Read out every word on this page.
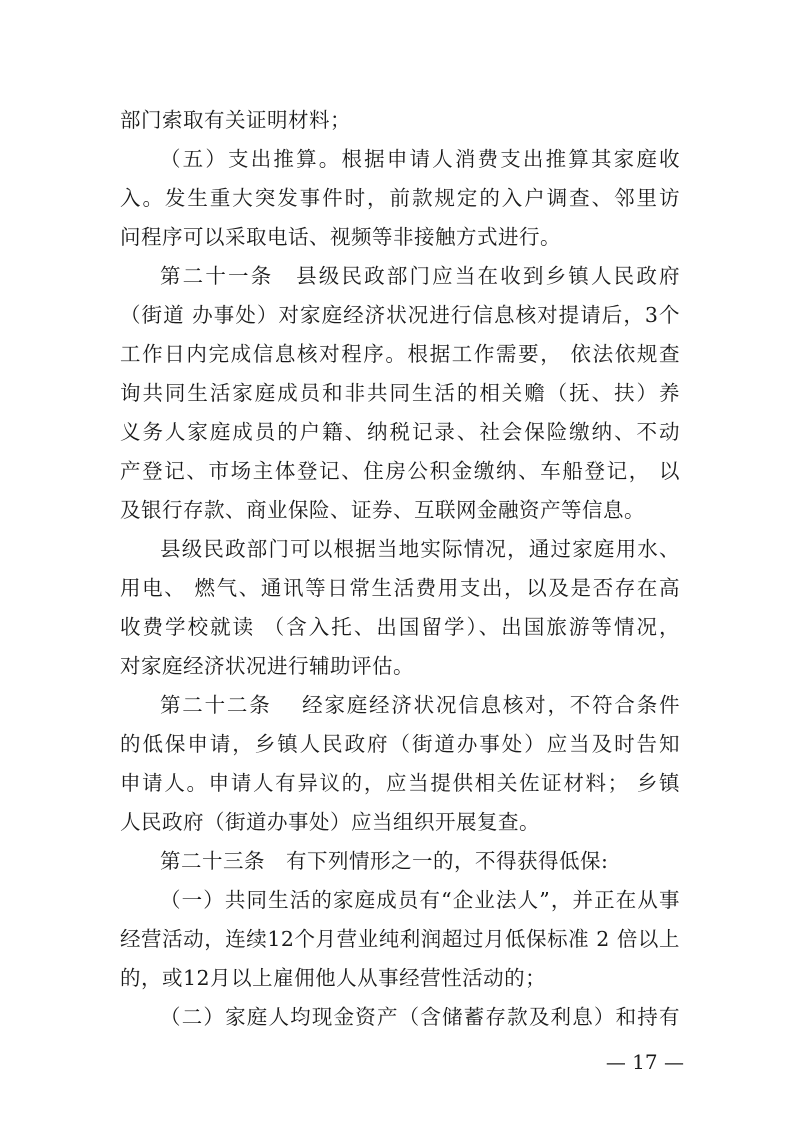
部门索取有关证明材料；
（五）支出推算。根据申请人消费支出推算其家庭收
入。发生重大突发事件时，前款规定的入户调查、邻里访
问程序可以采取电话、视频等非接触方式进行。
第二十一条　县级民政部门应当在收到乡镇人民政府
（街道 办事处）对家庭经济状况进行信息核对提请后，3个
工作日内完成信息核对程序。根据工作需要， 依法依规查
询共同生活家庭成员和非共同生活的相关赡（抚、扶）养
义务人家庭成员的户籍、纳税记录、社会保险缴纳、不动
产登记、市场主体登记、住房公积金缴纳、车船登记， 以
及银行存款、商业保险、证券、互联网金融资产等信息。
县级民政部门可以根据当地实际情况，通过家庭用水、
用电、 燃气、通讯等日常生活费用支出，以及是否存在高
收费学校就读 （含入托、出国留学）、出国旅游等情况，
对家庭经济状况进行辅助评估。
第二十二条　 经家庭经济状况信息核对，不符合条件
的低保申请，乡镇人民政府（街道办事处）应当及时告知
申请人。申请人有异议的，应当提供相关佐证材料； 乡镇
人民政府（街道办事处）应当组织开展复查。
第二十三条　有下列情形之一的，不得获得低保:
（一）共同生活的家庭成员有“企业法人”，并正在从事
经营活动，连续12个月营业纯利润超过月低保标准 2 倍以上
的，或12月以上雇佣他人从事经营性活动的；
（二）家庭人均现金资产（含储蓄存款及利息）和持有
— 17 —
